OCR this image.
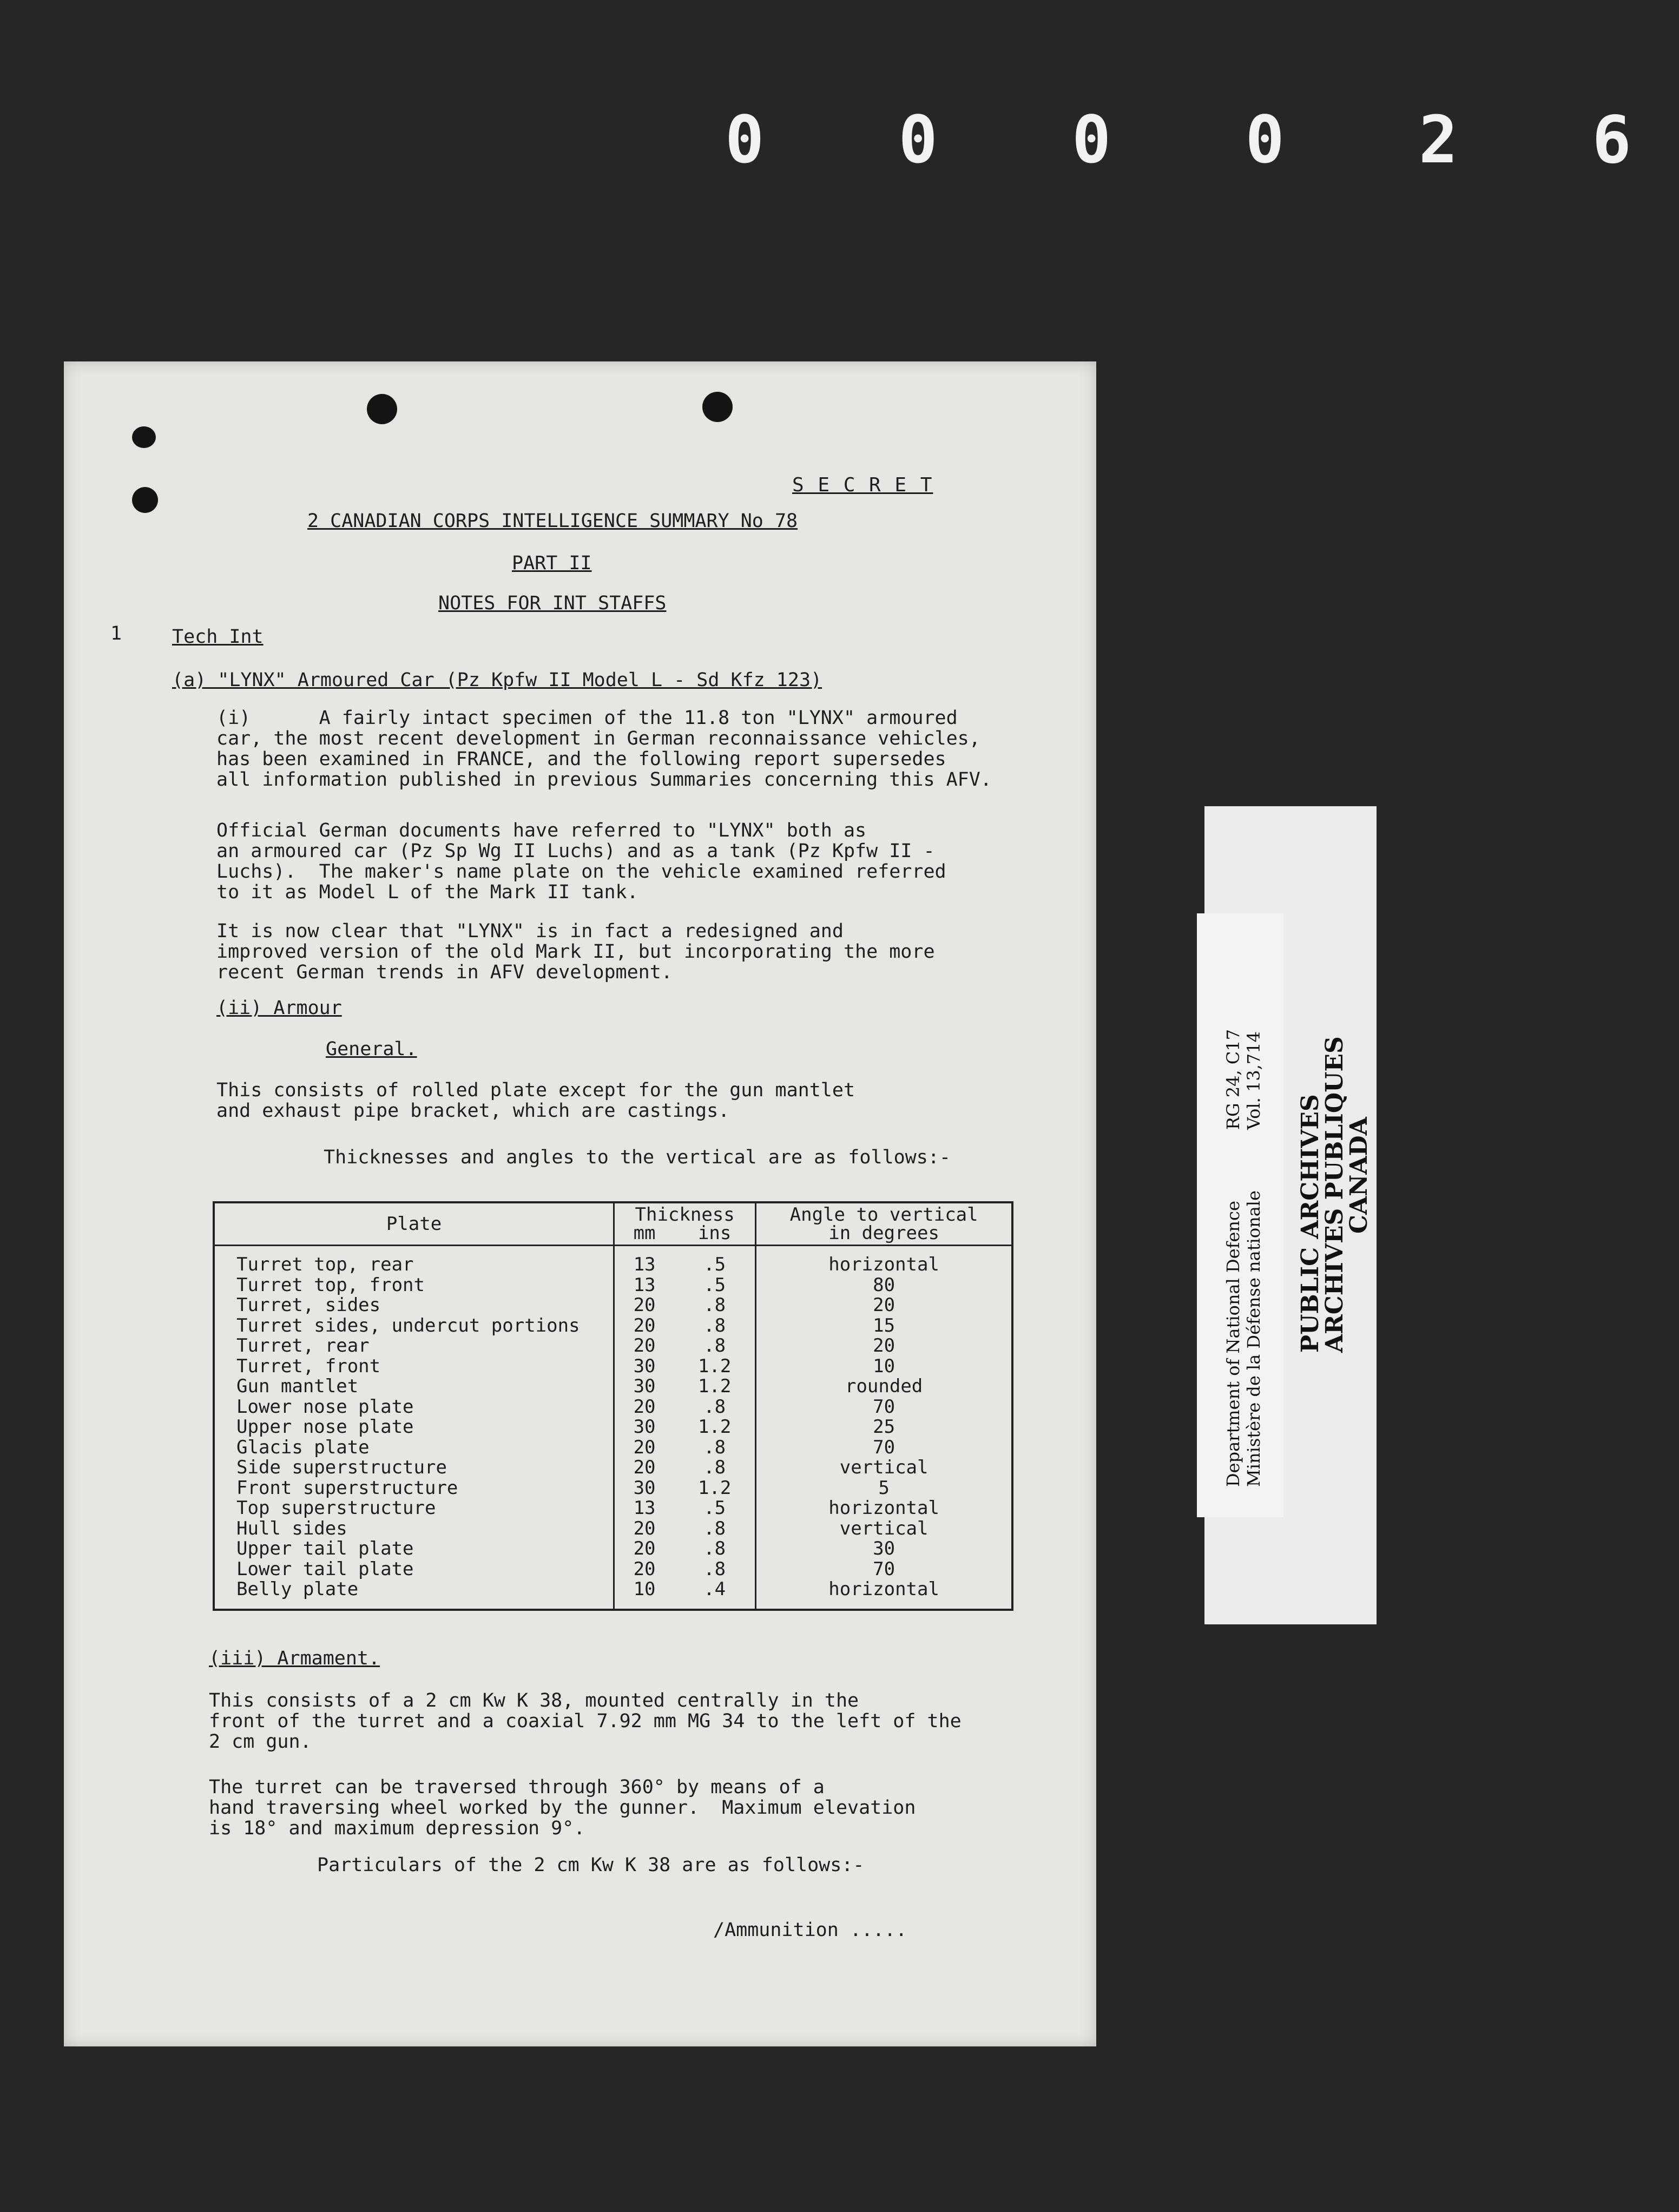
0 0 0 0 2 6
S E C R E T
2 CANADIAN CORPS INTELLIGENCE SUMMARY No 78
PART II
NOTES FOR INT STAFFS
1	Tech Int
(a) "LYNX" Armoured Car (Pz Kpfw II Model L - Sd Kfz 123)
(i)      A fairly intact specimen of the 11.8 ton "LYNX" armoured
car, the most recent development in German reconnaissance vehicles,
has been examined in FRANCE, and the following report supersedes
all information published in previous Summaries concerning this AFV.
Official German documents have referred to "LYNX" both as
an armoured car (Pz Sp Wg II Luchs) and as a tank (Pz Kpfw II -
Luchs).  The maker's name plate on the vehicle examined referred
to it as Model L of the Mark II tank.
It is now clear that "LYNX" is in fact a redesigned and
improved version of the old Mark II, but incorporating the more
recent German trends in AFV development.
(ii) Armour
General.
This consists of rolled plate except for the gun mantlet
and exhaust pipe bracket, which are castings.
Thicknesses and angles to the vertical are as follows:-
Plate	Thickness		Angle to vertical
in degrees
	mm	ins	
Turret top, rear	13	.5	horizontal
Turret top, front	13	.5	80
Turret, sides	20	.8	20
Turret sides, undercut portions	20	.8	15
Turret, rear	20	.8	20
Turret, front	30	1.2	10
Gun mantlet	30	1.2	rounded
Lower nose plate	20	.8	70
Upper nose plate	30	1.2	25
Glacis plate	20	.8	70
Side superstructure	20	.8	vertical
Front superstructure	30	1.2	5
Top superstructure	13	.5	horizontal
Hull sides	20	.8	vertical
Upper tail plate	20	.8	30
Lower tail plate	20	.8	70
Belly plate	10	.4	horizontal
(iii) Armament.
This consists of a 2 cm Kw K 38, mounted centrally in the
front of the turret and a coaxial 7.92 mm MG 34 to the left of the
2 cm gun.
The turret can be traversed through 360° by means of a
hand traversing wheel worked by the gunner.  Maximum elevation
is 18° and maximum depression 9°.
Particulars of the 2 cm Kw K 38 are as follows:-
/Ammunition .....
PUBLIC ARCHIVES
ARCHIVES PUBLIQUES
CANADA
Department of National Defence Ministère de la Défense nationale
RG 24, C17 Vol. 13,714
